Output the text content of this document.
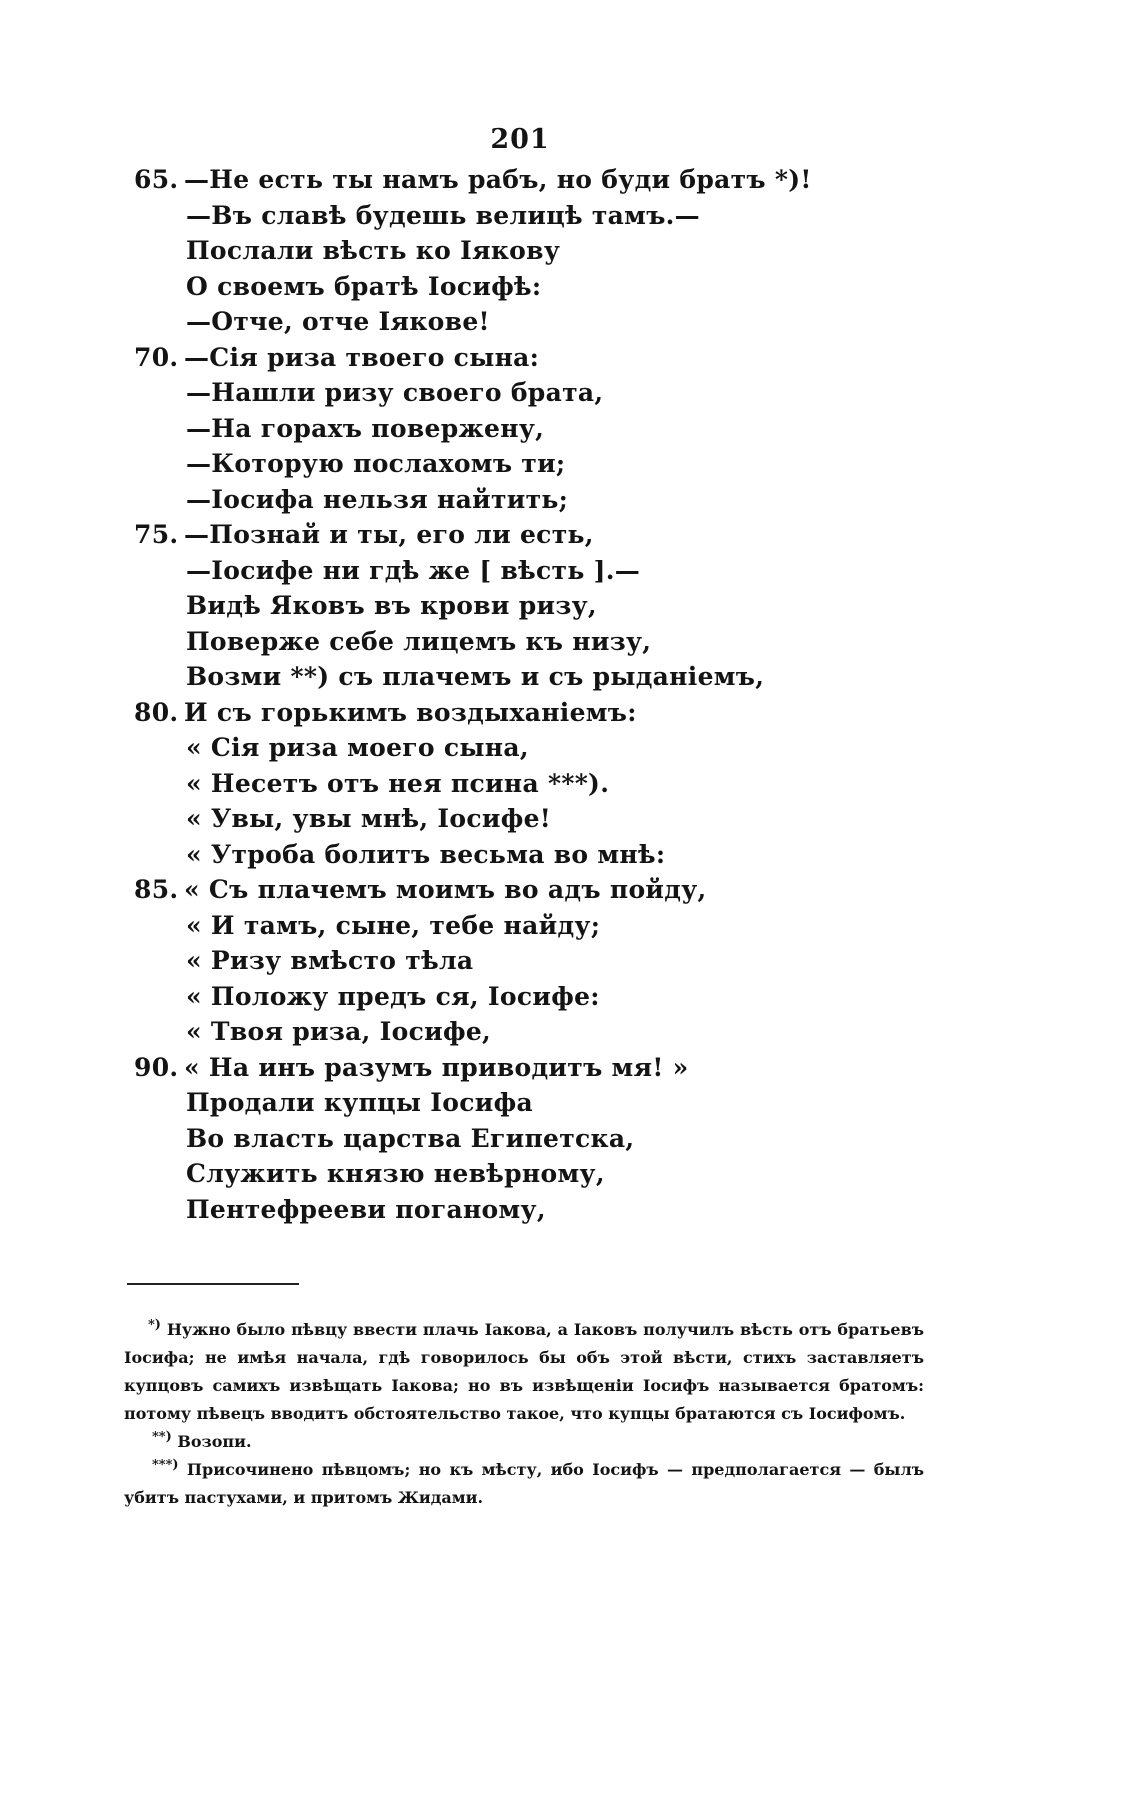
201
65. —Не есть ты намъ рабъ, но буди братъ *)!
—Въ славѣ будешь велицѣ тамъ.—
Послали вѣсть ко Іякову
О своемъ братѣ Іосифѣ:
—Отче, отче Іякове!
70. —Сія риза твоего сына:
—Нашли ризу своего брата,
—На горахъ повержену,
—Которую послахомъ ти;
—Іосифа нельзя найтить;
75. —Познай и ты, его ли есть,
—Іосифе ни гдѣ же [ вѣсть ].—
Видѣ Яковъ въ крови ризу,
Поверже себе лицемъ къ низу,
Возми **) съ плачемъ и съ рыданіемъ,
80. И съ горькимъ воздыханіемъ:
« Сія риза моего сына,
« Несетъ отъ нея псина ***).
« Увы, увы мнѣ, Іосифе!
« Утроба болитъ весьма во мнѣ:
85. « Съ плачемъ моимъ во адъ пойду,
« И тамъ, сыне, тебе найду;
« Ризу вмѣсто тѣла
« Положу предъ ся, Іосифе:
« Твоя риза, Іосифе,
90. « На инъ разумъ приводитъ мя! »
Продали купцы Іосифа
Во власть царства Египетска,
Служить князю невѣрному,
Пентефрееви поганому,

*) Нужно было пѣвцу ввести плачь Іакова, а Іаковъ получилъ вѣсть отъ братьевъ Іосифа; не имѣя начала, гдѣ говорилось бы объ этой вѣсти, стихъ заставляетъ купцовъ самихъ извѣщать Іакова; но въ извѣщеніи Іосифъ называется братомъ: потому пѣвецъ вводитъ обстоятельство такое, что купцы братаются съ Іосифомъ.

**) Возопи.

***) Присочинено пѣвцомъ; но къ мѣсту, ибо Іосифъ — предполагается — былъ убитъ пастухами, и притомъ Жидами.
